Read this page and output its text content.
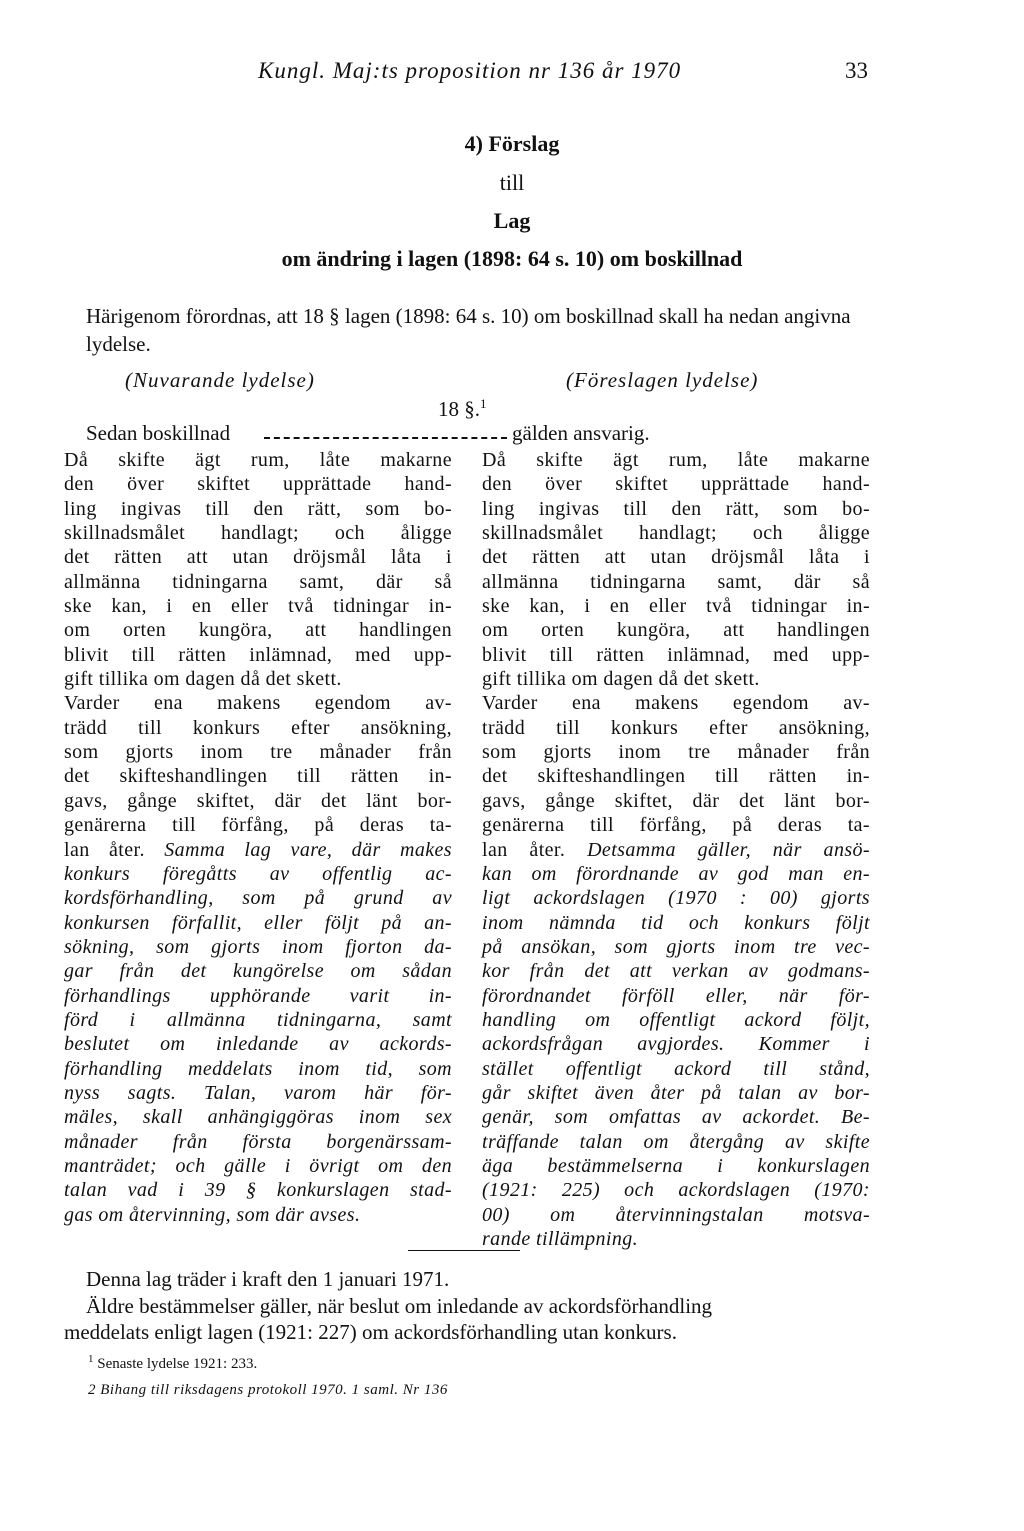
Kungl. Maj:ts proposition nr 136 år 1970	33
4) Förslag
till
Lag
om ändring i lagen (1898: 64 s. 10) om boskillnad
Härigenom förordnas, att 18 § lagen (1898: 64 s. 10) om boskillnad skall ha nedan angivna lydelse.
(Nuvarande lydelse)	(Föreslagen lydelse)
18 §.$^1$
Sedan boskillnad	gälden ansvarig.
Då skifte ägt rum, låte makarne
den över skiftet upprättade hand-
ling ingivas till den rätt, som bo-
skillnadsmålet handlagt; och åligge
det rätten att utan dröjsmål låta i
allmänna tidningarna samt, där så
ske kan, i en eller två tidningar in-
om orten kungöra, att handlingen
blivit till rätten inlämnad, med upp-
gift tillika om dagen då det skett.
Varder ena makens egendom av-
trädd till konkurs efter ansökning,
som gjorts inom tre månader från
det skifteshandlingen till rätten in-
gavs, gånge skiftet, där det länt bor-
genärerna till förfång, på deras ta-
lan åter. Samma lag vare, där makes
konkurs föregåtts av offentlig ac-
kordsförhandling, som på grund av
konkursen förfallit, eller följt på an-
sökning, som gjorts inom fjorton da-
gar från det kungörelse om sådan
förhandlings upphörande varit in-
förd i allmänna tidningarna, samt
beslutet om inledande av ackords-
förhandling meddelats inom tid, som
nyss sagts. Talan, varom här för-
mäles, skall anhängiggöras inom sex
månader från första borgenärssam-
manträdet; och gälle i övrigt om den
talan vad i 39 § konkurslagen stad-
gas om återvinning, som där avses.
Då skifte ägt rum, låte makarne
den över skiftet upprättade hand-
ling ingivas till den rätt, som bo-
skillnadsmålet handlagt; och åligge
det rätten att utan dröjsmål låta i
allmänna tidningarna samt, där så
ske kan, i en eller två tidningar in-
om orten kungöra, att handlingen
blivit till rätten inlämnad, med upp-
gift tillika om dagen då det skett.
Varder ena makens egendom av-
trädd till konkurs efter ansökning,
som gjorts inom tre månader från
det skifteshandlingen till rätten in-
gavs, gånge skiftet, där det länt bor-
genärerna till förfång, på deras ta-
lan åter. Detsamma gäller, när ansö-
kan om förordnande av god man en-
ligt ackordslagen (1970 : 00) gjorts
inom nämnda tid och konkurs följt
på ansökan, som gjorts inom tre vec-
kor från det att verkan av godmans-
förordnandet förföll eller, när för-
handling om offentligt ackord följt,
ackordsfrågan avgjordes. Kommer i
stället offentligt ackord till stånd,
går skiftet även åter på talan av bor-
genär, som omfattas av ackordet. Be-
träffande talan om återgång av skifte
äga bestämmelserna i konkurslagen
(1921: 225) och ackordslagen (1970:
00) om återvinningstalan motsva-
rande tillämpning.
Denna lag träder i kraft den 1 januari 1971.
Äldre bestämmelser gäller, när beslut om inledande av ackordsförhandling
meddelats enligt lagen (1921: 227) om ackordsförhandling utan konkurs.
$^1$ Senaste lydelse 1921: 233.
2 Bihang till riksdagens protokoll 1970. 1 saml. Nr 136
